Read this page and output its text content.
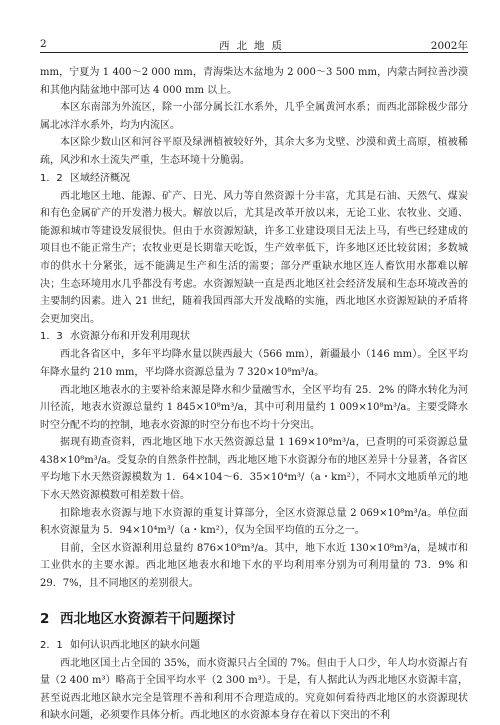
2	西北地质	2002年

mm，宁夏为 1 400～2 000 mm，青海柴达木盆地为 2 000～3 500 mm，内蒙古阿拉善沙漠和其他内陆盆地中部可达 4 000 mm 以上。

本区东南部为外流区，除一小部分属长江水系外，几乎全属黄河水系；而西北部除极少部分属北冰洋水系外，均为内流区。

本区除少数山区和河谷平原及绿洲植被较好外，其余大多为戈壁、沙漠和黄土高原，植被稀疏，风沙和水土流失严重，生态环境十分脆弱。

1．2 区域经济概况

西北地区土地、能源、矿产、日光、风力等自然资源十分丰富，尤其是石油、天然气、煤炭和有色金属矿产的开发潜力极大。解放以后，尤其是改革开放以来，无论工业、农牧业、交通、能源和城市等建设发展很快。但由于水资源短缺，许多工业建设项目无法上马，有些已经建成的项目也不能正常生产；农牧业更是长期靠天吃饭，生产效率低下，许多地区还比较贫困；多数城市的供水十分紧张，远不能满足生产和生活的需要；部分严重缺水地区连人畜饮用水都难以解决；生态环境用水几乎都没有考虑。水资源短缺一直是西北地区社会经济发展和生态环境改善的主要制约因素。进入 21 世纪，随着我国西部大开发战略的实施，西北地区水资源短缺的矛盾将会更加突出。

1．3 水资源分布和开发利用现状

西北各省区中，多年平均降水量以陕西最大（566 mm），新疆最小（146 mm）。全区平均年降水量约 210 mm，平均降水资源总量为 7 320×10⁸m³/a。

西北地区地表水的主要补给来源是降水和少量融雪水，全区平均有 25．2% 的降水转化为河川径流，地表水资源总量约 1 845×10⁸m³/a，其中可利用量约 1 009×10⁸m³/a。主要受降水时空分配不均的控制，地表水资源的时空分布也不均十分突出。

据现有勘查资料，西北地区地下水天然资源总量 1 169×10⁸m³/a，已查明的可采资源总量 438×10⁸m³/a。受复杂的自然条件控制，西北地区地下水资源分布的地区差异十分显著，各省区平均地下水天然资源模数为 1．64×104～6．35×10⁴m³/（a・km²），不同水文地质单元的地下水天然资源模数可相差数十倍。

扣除地表水资源与地下水资源的重复计算部分，全区水资源总量 2 069×10⁸m³/a。单位面积水资源量为 5．94×10⁴m³/（a・km²），仅为全国平均值的五分之一。

目前，全区水资源利用总量约 876×10⁸m³/a。其中，地下水近 130×10⁸m³/a，是城市和工业供水的主要水源。西北地区地表水和地下水的平均利用率分别为可利用量的 73．9% 和 29．7%，且不同地区的差别很大。

2 西北地区水资源若干问题探讨

2．1 如何认识西北地区的缺水问题

西北地区国土占全国的 35%，而水资源只占全国的 7%。但由于人口少，年人均水资源占有量（2 400 m³）略高于全国平均水平（2 300 m³）。于是，有人据此认为西北地区水资源丰富，甚至说西北地区缺水完全是管理不善和利用不合理造成的。究竟如何看待西北地区的水资源现状和缺水问题，必须要作具体分析。西北地区的水资源本身存在着以下突出的不利
